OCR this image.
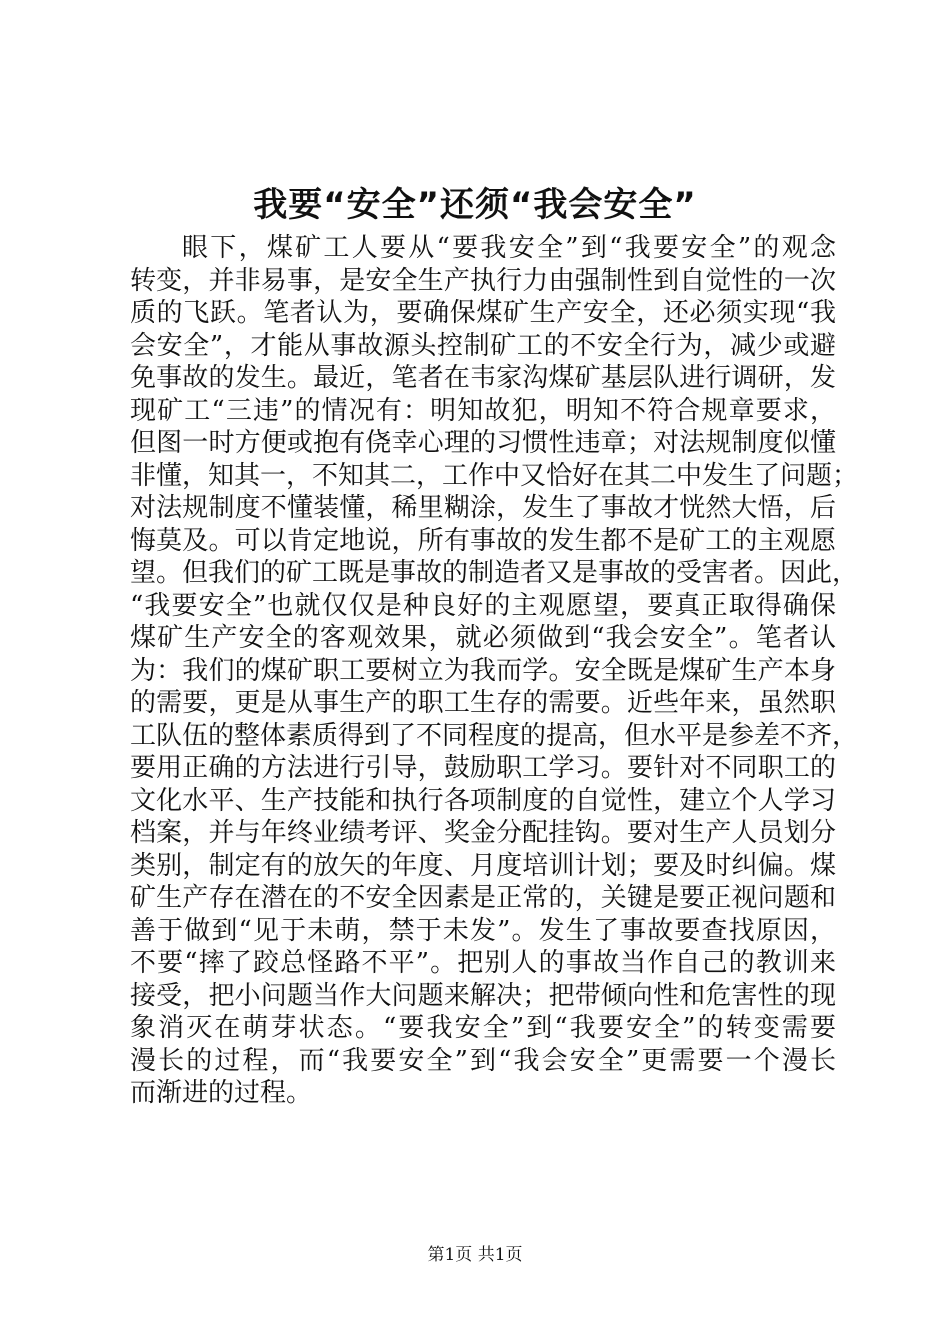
我要“安全”还须“我会安全”
眼下，煤矿工人要从“要我安全”到“我要安全”的观念
转变，并非易事，是安全生产执行力由强制性到自觉性的一次
质的飞跃。笔者认为，要确保煤矿生产安全，还必须实现“我
会安全”，才能从事故源头控制矿工的不安全行为，减少或避
免事故的发生。最近，笔者在韦家沟煤矿基层队进行调研，发
现矿工“三违”的情况有：明知故犯，明知不符合规章要求，
但图一时方便或抱有侥幸心理的习惯性违章；对法规制度似懂
非懂，知其一，不知其二，工作中又恰好在其二中发生了问题；
对法规制度不懂装懂，稀里糊涂，发生了事故才恍然大悟，后
悔莫及。可以肯定地说，所有事故的发生都不是矿工的主观愿
望。但我们的矿工既是事故的制造者又是事故的受害者。因此，
“我要安全”也就仅仅是种良好的主观愿望，要真正取得确保
煤矿生产安全的客观效果，就必须做到“我会安全”。笔者认
为：我们的煤矿职工要树立为我而学。安全既是煤矿生产本身
的需要，更是从事生产的职工生存的需要。近些年来，虽然职
工队伍的整体素质得到了不同程度的提高，但水平是参差不齐，
要用正确的方法进行引导，鼓励职工学习。要针对不同职工的
文化水平、生产技能和执行各项制度的自觉性，建立个人学习
档案，并与年终业绩考评、奖金分配挂钩。要对生产人员划分
类别，制定有的放矢的年度、月度培训计划；要及时纠偏。煤
矿生产存在潜在的不安全因素是正常的，关键是要正视问题和
善于做到“见于未萌，禁于未发”。发生了事故要查找原因，
不要“摔了跤总怪路不平”。把别人的事故当作自己的教训来
接受，把小问题当作大问题来解决；把带倾向性和危害性的现
象消灭在萌芽状态。“要我安全”到“我要安全”的转变需要
漫长的过程，而“我要安全”到“我会安全”更需要一个漫长
而渐进的过程。
第1页 共1页
